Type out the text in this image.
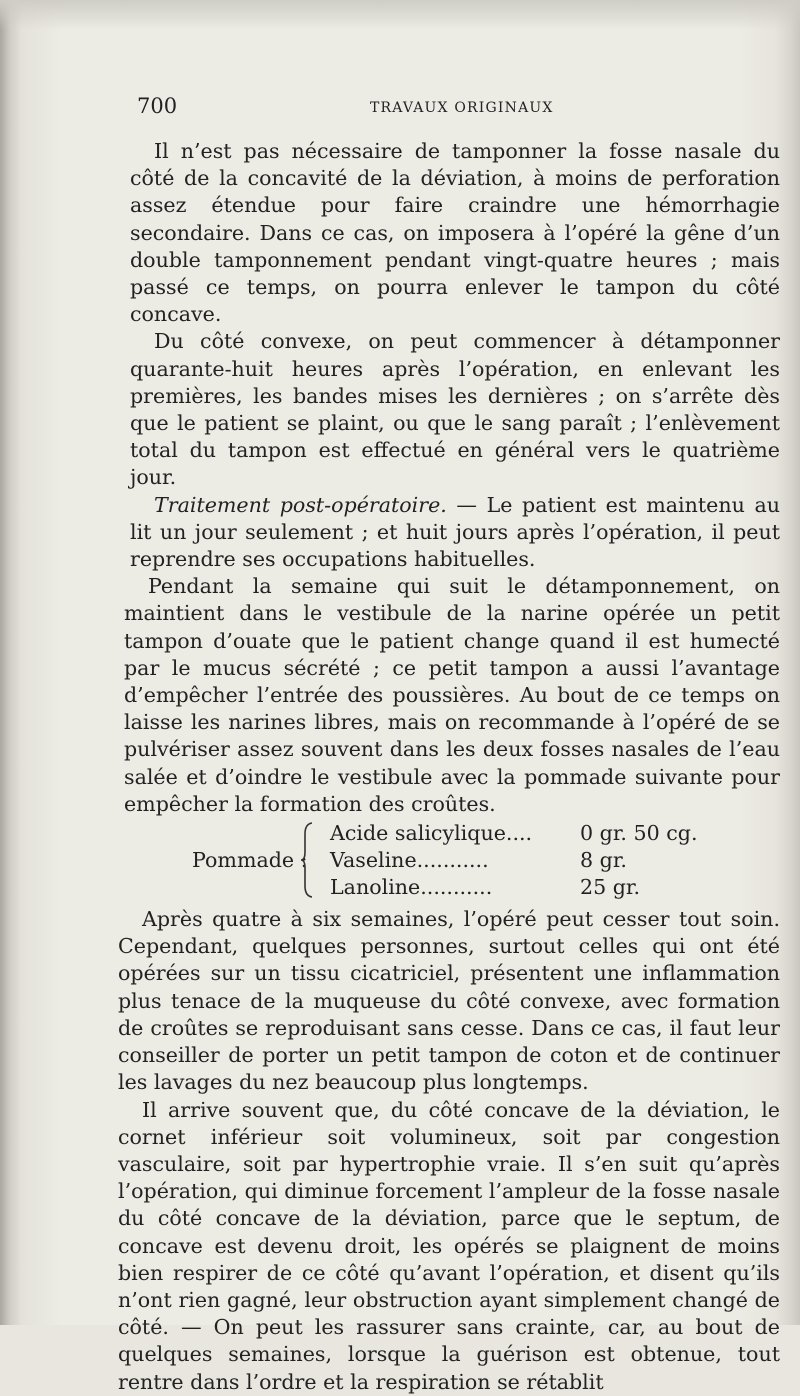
700	TRAVAUX ORIGINAUX

Il n’est pas nécessaire de tamponner la fosse nasale du côté de la concavité de la déviation, à moins de perforation assez étendue pour faire craindre une hémorrhagie secondaire. Dans ce cas, on imposera à l’opéré la gêne d’un double tamponnement pendant vingt-quatre heures ; mais passé ce temps, on pourra enlever le tampon du côté concave.

Du côté convexe, on peut commencer à détamponner quarante-huit heures après l’opération, en enlevant les premières, les bandes mises les dernières ; on s’arrête dès que le patient se plaint, ou que le sang paraît ; l’enlèvement total du tampon est effectué en général vers le quatrième jour.

Traitement post-opératoire. — Le patient est maintenu au lit un jour seulement ; et huit jours après l’opération, il peut reprendre ses occupations habituelles.

Pendant la semaine qui suit le détamponnement, on maintient dans le vestibule de la narine opérée un petit tampon d’ouate que le patient change quand il est humecté par le mucus sécrété ; ce petit tampon a aussi l’avantage d’empêcher l’entrée des poussières. Au bout de ce temps on laisse les narines libres, mais on recommande à l’opéré de se pulvériser assez souvent dans les deux fosses nasales de l’eau salée et d’oindre le vestibule avec la pommade suivante pour empêcher la formation des croûtes.

Pommade :
Acide salicylique.... 0 gr. 50 cg.
Vaseline...........	8 gr.
Lanoline...........	25 gr.

Après quatre à six semaines, l’opéré peut cesser tout soin. Cependant, quelques personnes, surtout celles qui ont été opérées sur un tissu cicatriciel, présentent une inflammation plus tenace de la muqueuse du côté convexe, avec formation de croûtes se reproduisant sans cesse. Dans ce cas, il faut leur conseiller de porter un petit tampon de coton et de continuer les lavages du nez beaucoup plus longtemps.

Il arrive souvent que, du côté concave de la déviation, le cornet inférieur soit volumineux, soit par congestion vasculaire, soit par hypertrophie vraie. Il s’en suit qu’après l’opération, qui diminue forcement l’ampleur de la fosse nasale du côté concave de la déviation, parce que le septum, de concave est devenu droit, les opérés se plaignent de moins bien respirer de ce côté qu’avant l’opération, et disent qu’ils n’ont rien gagné, leur obstruction ayant simplement changé de côté. — On peut les rassurer sans crainte, car, au bout de quelques semaines, lorsque la guérison est obtenue, tout rentre dans l’ordre et la respiration se rétablit
